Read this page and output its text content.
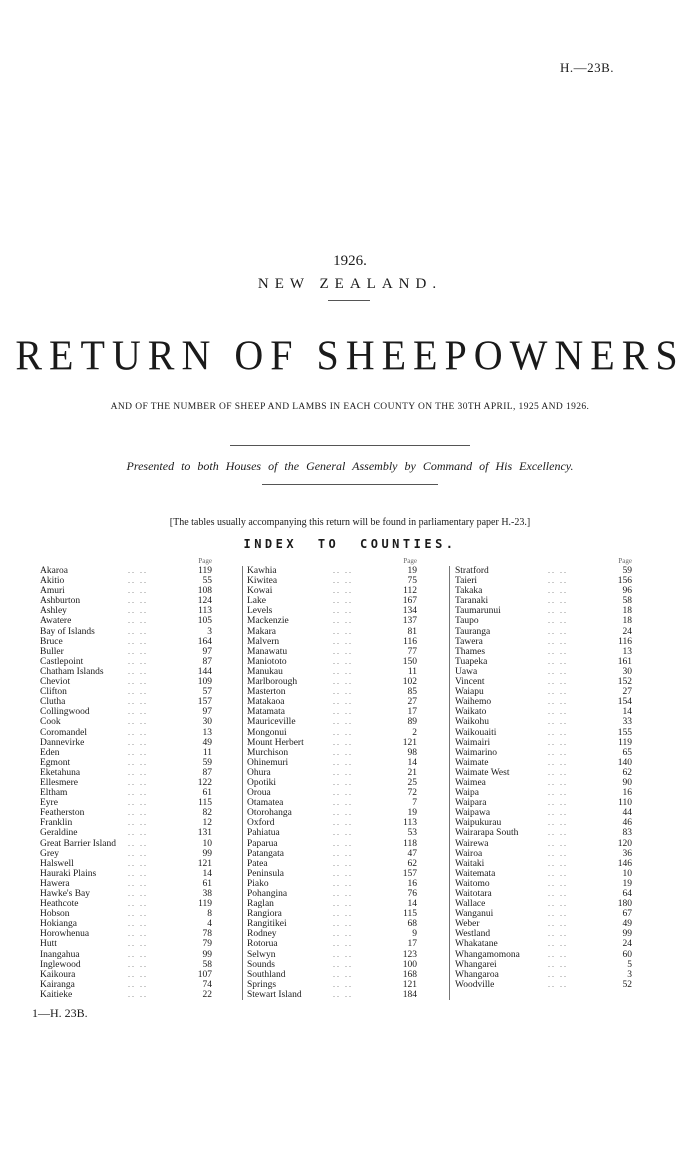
H.—23B.
1926.
NEW ZEALAND.
RETURN OF SHEEPOWNERS
AND OF THE NUMBER OF SHEEP AND LAMBS IN EACH COUNTY ON THE 30TH APRIL, 1925 AND 1926.
Presented to both Houses of the General Assembly by Command of His Excellency.
[The tables usually accompanying this return will be found in parliamentary paper H.-23.]
INDEX TO COUNTIES.
Page
Akaroa	.. ..	119
Akitio	.. ..	55
Amuri	.. ..	108
Ashburton	.. ..	124
Ashley	.. ..	113
Awatere	.. ..	105
Bay of Islands	.. ..	3
Bruce	.. ..	164
Buller	.. ..	97
Castlepoint	.. ..	87
Chatham Islands	.. ..	144
Cheviot	.. ..	109
Clifton	.. ..	57
Clutha	.. ..	157
Collingwood	.. ..	97
Cook	.. ..	30
Coromandel	.. ..	13
Dannevirke	.. ..	49
Eden	.. ..	11
Egmont	.. ..	59
Eketahuna	.. ..	87
Ellesmere	.. ..	122
Eltham	.. ..	61
Eyre	.. ..	115
Featherston	.. ..	82
Franklin	.. ..	12
Geraldine	.. ..	131
Great Barrier Island	.. ..	10
Grey	.. ..	99
Halswell	.. ..	121
Hauraki Plains	.. ..	14
Hawera	.. ..	61
Hawke's Bay	.. ..	38
Heathcote	.. ..	119
Hobson	.. ..	8
Hokianga	.. ..	4
Horowhenua	.. ..	78
Hutt	.. ..	79
Inangahua	.. ..	99
Inglewood	.. ..	58
Kaikoura	.. ..	107
Kairanga	.. ..	74
Kaitieke	.. ..	22
Page
Kawhia	.. ..	19
Kiwitea	.. ..	75
Kowai	.. ..	112
Lake	.. ..	167
Levels	.. ..	134
Mackenzie	.. ..	137
Makara	.. ..	81
Malvern	.. ..	116
Manawatu	.. ..	77
Maniototo	.. ..	150
Manukau	.. ..	11
Marlborough	.. ..	102
Masterton	.. ..	85
Matakaoa	.. ..	27
Matamata	.. ..	17
Mauriceville	.. ..	89
Mongonui	.. ..	2
Mount Herbert	.. ..	121
Murchison	.. ..	98
Ohinemuri	.. ..	14
Ohura	.. ..	21
Opotiki	.. ..	25
Oroua	.. ..	72
Otamatea	.. ..	7
Otorohanga	.. ..	19
Oxford	.. ..	113
Pahiatua	.. ..	53
Paparua	.. ..	118
Patangata	.. ..	47
Patea	.. ..	62
Peninsula	.. ..	157
Piako	.. ..	16
Pohangina	.. ..	76
Raglan	.. ..	14
Rangiora	.. ..	115
Rangitikei	.. ..	68
Rodney	.. ..	9
Rotorua	.. ..	17
Selwyn	.. ..	123
Sounds	.. ..	100
Southland	.. ..	168
Springs	.. ..	121
Stewart Island	.. ..	184
Page
Stratford	.. ..	59
Taieri	.. ..	156
Takaka	.. ..	96
Taranaki	.. ..	58
Taumarunui	.. ..	18
Taupo	.. ..	18
Tauranga	.. ..	24
Tawera	.. ..	116
Thames	.. ..	13
Tuapeka	.. ..	161
Uawa	.. ..	30
Vincent	.. ..	152
Waiapu	.. ..	27
Waihemo	.. ..	154
Waikato	.. ..	14
Waikohu	.. ..	33
Waikouaiti	.. ..	155
Waimairi	.. ..	119
Waimarino	.. ..	65
Waimate	.. ..	140
Waimate West	.. ..	62
Waimea	.. ..	90
Waipa	.. ..	16
Waipara	.. ..	110
Waipawa	.. ..	44
Waipukurau	.. ..	46
Wairarapa South	.. ..	83
Wairewa	.. ..	120
Wairoa	.. ..	36
Waitaki	.. ..	146
Waitemata	.. ..	10
Waitomo	.. ..	19
Waitotara	.. ..	64
Wallace	.. ..	180
Wanganui	.. ..	67
Weber	.. ..	49
Westland	.. ..	99
Whakatane	.. ..	24
Whangamomona	.. ..	60
Whangarei	.. ..	5
Whangaroa	.. ..	3
Woodville	.. ..	52
1—H. 23B.
